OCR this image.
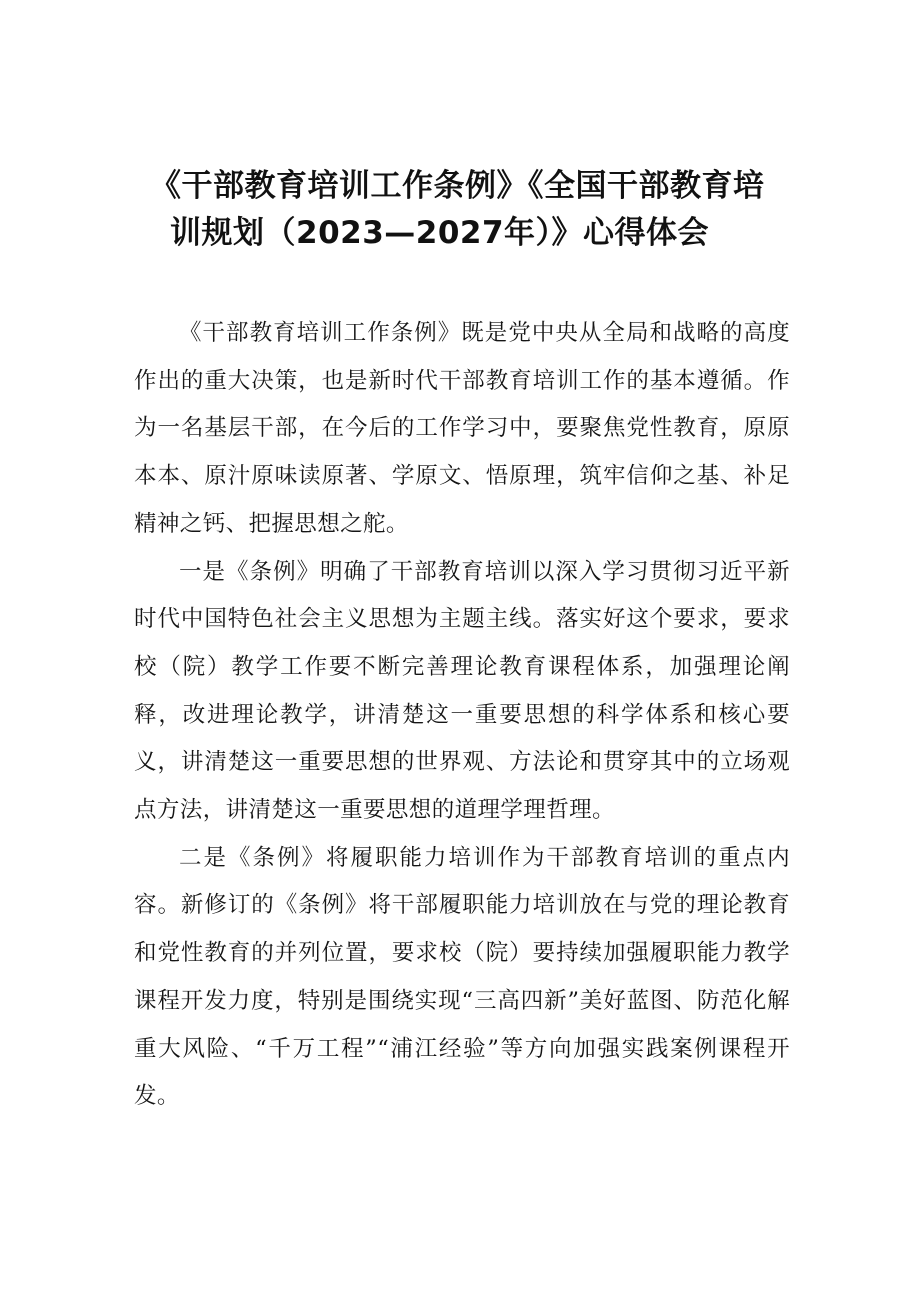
《干部教育培训工作条例》《全国干部教育培
训规划（2023—2027年）》心得体会

《干部教育培训工作条例》既是党中央从全局和战略的高度作出的重大决策，也是新时代干部教育培训工作的基本遵循。作为一名基层干部，在今后的工作学习中，要聚焦党性教育，原原本本、原汁原味读原著、学原文、悟原理，筑牢信仰之基、补足精神之钙、把握思想之舵。

一是《条例》明确了干部教育培训以深入学习贯彻习近平新时代中国特色社会主义思想为主题主线。落实好这个要求，要求校（院）教学工作要不断完善理论教育课程体系，加强理论阐释，改进理论教学，讲清楚这一重要思想的科学体系和核心要义，讲清楚这一重要思想的世界观、方法论和贯穿其中的立场观点方法，讲清楚这一重要思想的道理学理哲理。

二是《条例》将履职能力培训作为干部教育培训的重点内容。新修订的《条例》将干部履职能力培训放在与党的理论教育和党性教育的并列位置，要求校（院）要持续加强履职能力教学课程开发力度，特别是围绕实现“三高四新”美好蓝图、防范化解重大风险、“千万工程”“浦江经验”等方向加强实践案例课程开发。
